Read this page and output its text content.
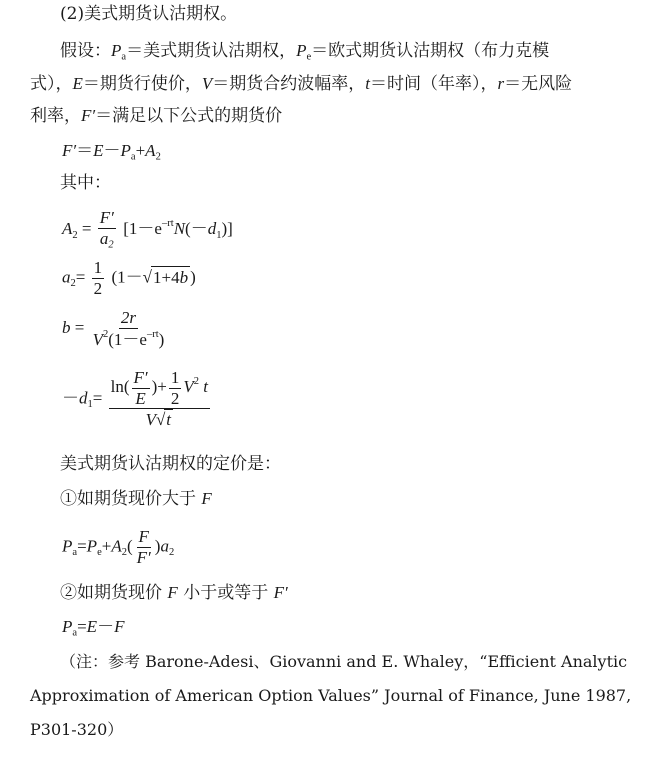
(2)美式期货认沽期权。
假设：$P_a=$美式期货认沽期权，$P_e=$欧式期货认沽期权（布力克模
式），E＝期货行使价，V＝期货合约波幅率，t＝时间（年率），r＝无风险
利率，F′＝满足以下公式的期货价
$F'=E-P_a+A_2$
其中：
$A_2 = \frac{F'}{a_2} [1-e^{-rt}N(-d_1)]$
$a_2= \frac{1}{2} (1-√1+4b$ )
$b = \frac{2r}{V^2(1-e^{-rt})}$
$-d_1= \frac{\ln( \frac{F'}{E} )+ \frac{1}{2} V^2 t}{V√t}$
美式期货认沽期权的定价是：
①如期货现价大于 F
$P_a=P_e+A_2( \frac{F}{F'} )a_2$
②如期货现价 F 小于或等于 F′
$P_a=E-F$
（注：参考 Barone-Adesi、Giovanni and E. Whaley，“Efficient Analytic
Approximation of American Option Values” Journal of Finance, June 1987,
P301-320）
